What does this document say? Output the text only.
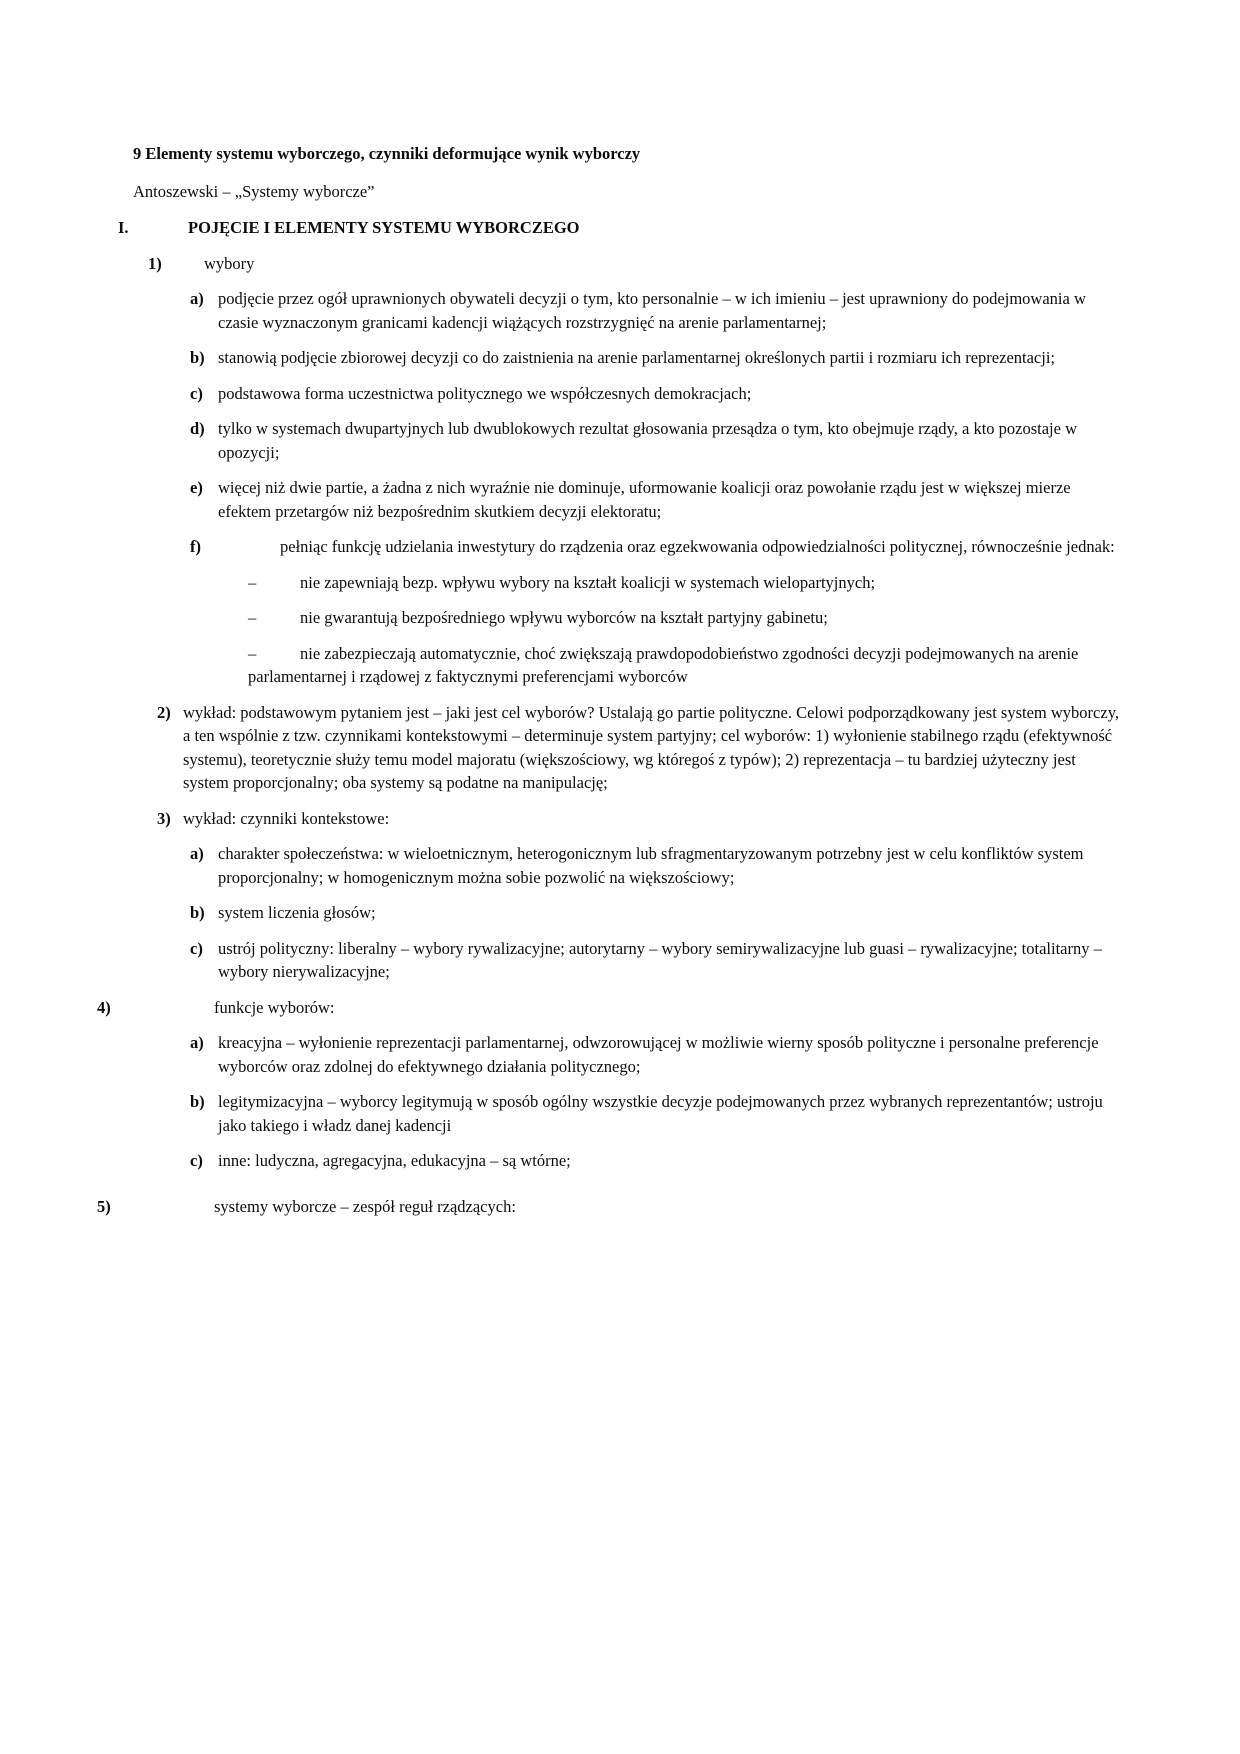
9 Elementy systemu wyborczego, czynniki deformujące wynik wyborczy
Antoszewski – „Systemy wyborcze”
I.	POJĘCIE I ELEMENTY SYSTEMU WYBORCZEGO
1)	wybory
a) podjęcie przez ogół uprawnionych obywateli decyzji o tym, kto personalnie – w ich imieniu – jest uprawniony do podejmowania w czasie wyznaczonym granicami kadencji wiążących rozstrzygnięć na arenie parlamentarnej;
b) stanowią podjęcie zbiorowej decyzji co do zaistnienia na arenie parlamentarnej określonych partii i rozmiaru ich reprezentacji;
c) podstawowa forma uczestnictwa politycznego we współczesnych demokracjach;
d) tylko w systemach dwupartyjnych lub dwublokowych rezultat głosowania przesądza o tym, kto obejmuje rządy, a kto pozostaje w opozycji;
e) więcej niż dwie partie, a żadna z nich wyraźnie nie dominuje, uformowanie koalicji oraz powołanie rządu jest w większej mierze efektem przetargów niż bezpośrednim skutkiem decyzji elektoratu;
f)	pełniąc funkcję udzielania inwestytury do rządzenia oraz egzekwowania odpowiedzialności politycznej, równocześnie jednak:
–	nie zapewniają bezp. wpływu wybory na kształt koalicji w systemach wielopartyjnych;
–	nie gwarantują bezpośredniego wpływu wyborców na kształt partyjny gabinetu;
–	nie zabezpieczają automatycznie, choć zwiększają prawdopodobieństwo zgodności decyzji podejmowanych na arenie parlamentarnej i rządowej z faktycznymi preferencjami wyborców
2) wykład: podstawowym pytaniem jest – jaki jest cel wyborów? Ustalają go partie polityczne. Celowi podporządkowany jest system wyborczy, a ten wspólnie z tzw. czynnikami kontekstowymi – determinuje system partyjny; cel wyborów: 1) wyłonienie stabilnego rządu (efektywność systemu), teoretycznie służy temu model majoratu (większościowy, wg któregoś z typów); 2) reprezentacja – tu bardziej użyteczny jest system proporcjonalny; oba systemy są podatne na manipulację;
3) wykład: czynniki kontekstowe:
a) charakter społeczeństwa: w wieloetnicznym, heterogonicznym lub sfragmentaryzowanym potrzebny jest w celu konfliktów system proporcjonalny; w homogenicznym można sobie pozwolić na większościowy;
b) system liczenia głosów;
c) ustrój polityczny: liberalny – wybory rywalizacyjne; autorytarny – wybory semirywalizacyjne lub guasi – rywalizacyjne; totalitarny – wybory nierywalizacyjne;
4)	funkcje wyborów:
a) kreacyjna – wyłonienie reprezentacji parlamentarnej, odwzorowującej w możliwie wierny sposób polityczne i personalne preferencje wyborców oraz zdolnej do efektywnego działania politycznego;
b) legitymizacyjna – wyborcy legitymują w sposób ogólny wszystkie decyzje podejmowanych przez wybranych reprezentantów; ustroju jako takiego i władz danej kadencji
c) inne: ludyczna, agregacyjna, edukacyjna – są wtórne;
5)	systemy wyborcze – zespół reguł rządzących:
